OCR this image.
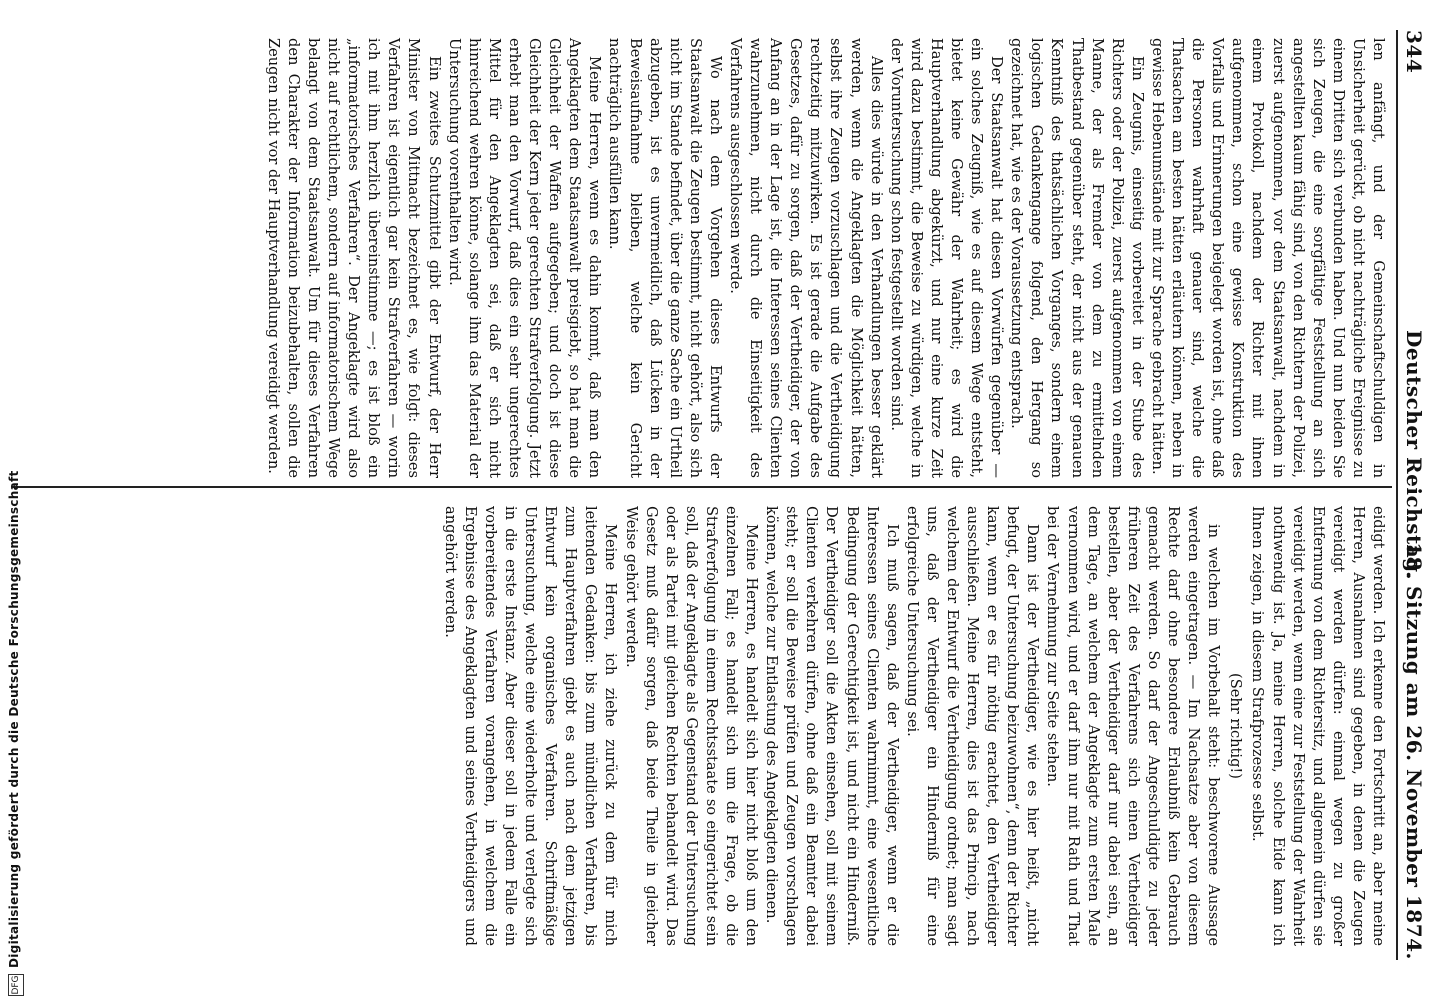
344
Deutscher Reichstag.
18. Sitzung am 26. November 1874.

len anfängt, und der Gemeinschaftschuldigen in Unsicherheit gerückt, ob nicht nachträgliche Ereignisse zu einem Dritten sich verbunden haben. Und nun beiden Sie sich Zeugen, die eine sorgfältige Feststellung an sich angestellten kaum fähig sind, von den Richtern der Polizei, zuerst aufgenommen, vor dem Staatsanwalt, nachdem in einem Protokoll, nachdem der Richter mit ihnen aufgenommen, schon eine gewisse Konstruktion des Vorfalls und Erinnerungen beigelegt worden ist, ohne daß die Personen wahrhaft genauer sind, welche die Thatsachen am besten hätten erläutern können, neben in gewisse Hebenumstände mit zur Sprache gebracht hätten.

Ein Zeugnis, einseitig vorbereitet in der Stube des Richters oder der Polizei, zuerst aufgenommen von einem Manne, der als Fremder von dem zu ermittelnden Thatbestand gegenüber steht, der nicht aus der genauen Kenntniß des thatsächlichen Vorganges, sondern einem logischen Gedankengange folgend, den Hergang so gezeichnet hat, wie es der Voraussetzung entsprach.

Der Staatsanwalt hat diesen Vorwürfen gegenüber — ein solches Zeugniß, wie es auf diesem Wege entsteht, bietet keine Gewähr der Wahrheit; es wird die Hauptverhandlung abgekürzt, und nur eine kurze Zeit wird dazu bestimmt, die Beweise zu würdigen, welche in der Voruntersuchung schon festgestellt worden sind.

Alles dies würde in den Verhandlungen besser geklärt werden, wenn die Angeklagten die Möglichkeit hätten, selbst ihre Zeugen vorzuschlagen und die Vertheidigung rechtzeitig mitzuwirken. Es ist gerade die Aufgabe des Gesetzes, dafür zu sorgen, daß der Vertheidiger, der von Anfang an in der Lage ist, die Interessen seines Clienten wahrzunehmen, nicht durch die Einseitigkeit des Verfahrens ausgeschlossen werde.

Wo nach dem Vorgehen dieses Entwurfs der Staatsanwalt die Zeugen bestimmt, nicht gehört, also sich nicht im Stande befindet, über die ganze Sache ein Urtheil abzugeben, ist es unvermeidlich, daß Lücken in der Beweisaufnahme bleiben, welche kein Gericht nachträglich ausfüllen kann.

Meine Herren, wenn es dahin kommt, daß man den Angeklagten dem Staatsanwalt preisgiebt, so hat man die Gleichheit der Waffen aufgegeben; und doch ist diese Gleichheit der Kern jeder gerechten Strafverfolgung. Jetzt erhebt man den Vorwurf, daß dies ein sehr ungerechtes Mittel für den Angeklagten sei, daß er sich nicht hinreichend wehren könne, solange ihm das Material der Untersuchung vorenthalten wird.

Ein zweites Schutzmittel gibt der Entwurf, der Herr Minister von Mittnacht bezeichnet es, wie folgt: dieses Verfahren ist eigentlich gar kein Strafverfahren — worin ich mit ihm herzlich übereinstimme —; es ist bloß ein „informatorisches Verfahren“. Der Angeklagte wird also nicht auf rechtlichem, sondern auf informatorischem Wege belangt von dem Staatsanwalt. Um für dieses Verfahren den Charakter der Information beizubehalten, sollen die Zeugen nicht vor der Hauptverhandlung vereidigt werden.

eidigt werden. Ich erkenne den Fortschritt an, aber meine Herren, Ausnahmen sind gegeben, in denen die Zeugen vereidigt werden dürfen: einmal wegen zu großer Entfernung von dem Richtersitz, und allgemein dürfen sie vereidigt werden, wenn eine zur Feststellung der Wahrheit nothwendig ist. Ja, meine Herren, solche Eide kann ich Ihnen zeigen, in diesem Strafprozesse selbst.

(Sehr richtig!)

in welchen im Vorbehalt steht: beschworene Aussage werden eingetragen. — Im Nachsatze aber von diesem Rechte darf ohne besondere Erlaubniß kein Gebrauch gemacht werden. So darf der Angeschuldigte zu jeder früheren Zeit des Verfahrens sich einen Vertheidiger bestellen, aber der Vertheidiger darf nur dabei sein, an dem Tage, an welchem der Angeklagte zum ersten Male vernommen wird, und er darf ihm nur mit Rath und That bei der Vernehmung zur Seite stehen.

Dann ist der Vertheidiger, wie es hier heißt, „nicht befugt, der Untersuchung beizuwohnen“, denn der Richter kann, wenn er es für nöthig erachtet, den Vertheidiger ausschließen. Meine Herren, dies ist das Princip, nach welchem der Entwurf die Vertheidigung ordnet; man sagt uns, daß der Vertheidiger ein Hinderniß für eine erfolgreiche Untersuchung sei.

Ich muß sagen, daß der Vertheidiger, wenn er die Interessen seines Clienten wahrnimmt, eine wesentliche Bedingung der Gerechtigkeit ist, und nicht ein Hinderniß. Der Vertheidiger soll die Akten einsehen, soll mit seinem Clienten verkehren dürfen, ohne daß ein Beamter dabei steht; er soll die Beweise prüfen und Zeugen vorschlagen können, welche zur Entlastung des Angeklagten dienen.

Meine Herren, es handelt sich hier nicht bloß um den einzelnen Fall; es handelt sich um die Frage, ob die Strafverfolgung in einem Rechtsstaate so eingerichtet sein soll, daß der Angeklagte als Gegenstand der Untersuchung oder als Partei mit gleichen Rechten behandelt wird. Das Gesetz muß dafür sorgen, daß beide Theile in gleicher Weise gehört werden.

Meine Herren, ich ziehe zurück zu dem für mich leitenden Gedanken: bis zum mündlichen Verfahren, bis zum Hauptverfahren giebt es auch nach dem jetzigen Entwurf kein organisches Verfahren. Schriftmäßige Untersuchung, welche eine wiederholte und verlegte sich in die erste Instanz. Aber dieser soll in jedem Falle ein vorbereitendes Verfahren vorangehen, in welchem die Ergebnisse des Angeklagten und seines Vertheidigers und angehört werden.

DFG
Digitalisierung gefördert durch die Deutsche Forschungsgemeinschaft
